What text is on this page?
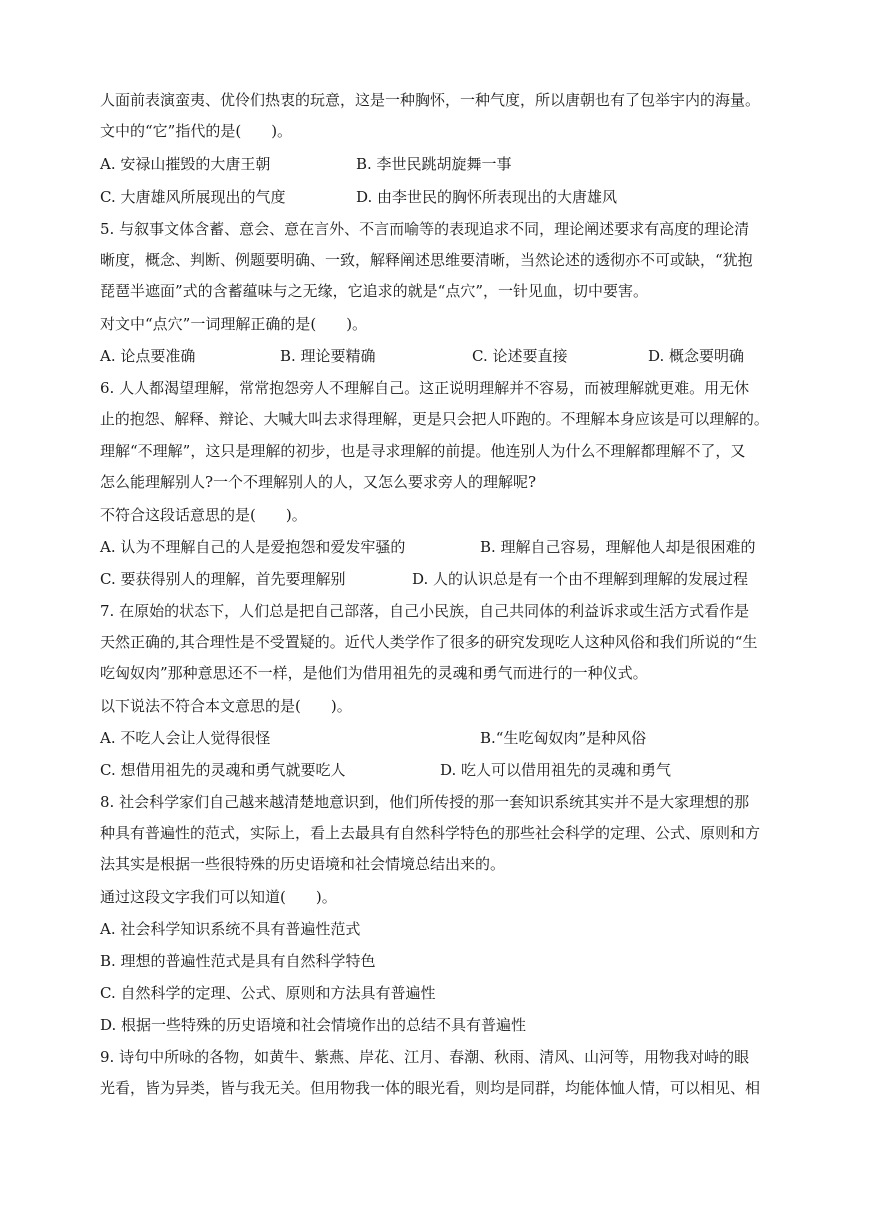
人面前表演蛮夷、优伶们热衷的玩意，这是一种胸怀，一种气度，所以唐朝也有了包举宇内的海量。

文中的“它”指代的是(　　)。

A. 安禄山摧毁的大唐王朝	B. 李世民跳胡旋舞一事
C. 大唐雄风所展现出的气度	D. 由李世民的胸怀所表现出的大唐雄风

5. 与叙事文体含蓄、意会、意在言外、不言而喻等的表现追求不同，理论阐述要求有高度的理论清

晰度，概念、判断、例题要明确、一致，解释阐述思维要清晰，当然论述的透彻亦不可或缺，“犹抱

琵琶半遮面”式的含蓄蕴味与之无缘，它追求的就是“点穴”，一针见血，切中要害。

对文中“点穴”一词理解正确的是(　　)。

A. 论点要准确	B. 理论要精确	C. 论述要直接	D. 概念要明确

6. 人人都渴望理解，常常抱怨旁人不理解自己。这正说明理解并不容易，而被理解就更难。用无休

止的抱怨、解释、辩论、大喊大叫去求得理解，更是只会把人吓跑的。不理解本身应该是可以理解的。

理解“不理解”，这只是理解的初步，也是寻求理解的前提。他连别人为什么不理解都理解不了，又

怎么能理解别人?一个不理解别人的人，又怎么要求旁人的理解呢?

不符合这段话意思的是(　　)。

A. 认为不理解自己的人是爱抱怨和爱发牢骚的	B. 理解自己容易，理解他人却是很困难的
C. 要获得别人的理解，首先要理解别	D. 人的认识总是有一个由不理解到理解的发展过程

7. 在原始的状态下，人们总是把自己部落，自己小民族，自己共同体的利益诉求或生活方式看作是

天然正确的,其合理性是不受置疑的。近代人类学作了很多的研究发现吃人这种风俗和我们所说的“生

吃匈奴肉”那种意思还不一样，是他们为借用祖先的灵魂和勇气而进行的一种仪式。

以下说法不符合本文意思的是(　　)。

A. 不吃人会让人觉得很怪	B.“生吃匈奴肉”是种风俗
C. 想借用祖先的灵魂和勇气就要吃人	D. 吃人可以借用祖先的灵魂和勇气

8. 社会科学家们自己越来越清楚地意识到，他们所传授的那一套知识系统其实并不是大家理想的那

种具有普遍性的范式，实际上，看上去最具有自然科学特色的那些社会科学的定理、公式、原则和方

法其实是根据一些很特殊的历史语境和社会情境总结出来的。

通过这段文字我们可以知道(　　)。

A. 社会科学知识系统不具有普遍性范式

B. 理想的普遍性范式是具有自然科学特色

C. 自然科学的定理、公式、原则和方法具有普遍性

D. 根据一些特殊的历史语境和社会情境作出的总结不具有普遍性

9. 诗句中所咏的各物，如黄牛、紫燕、岸花、江月、春潮、秋雨、清风、山河等，用物我对峙的眼

光看，皆为异类，皆与我无关。但用物我一体的眼光看，则均是同群，均能体恤人情，可以相见、相
